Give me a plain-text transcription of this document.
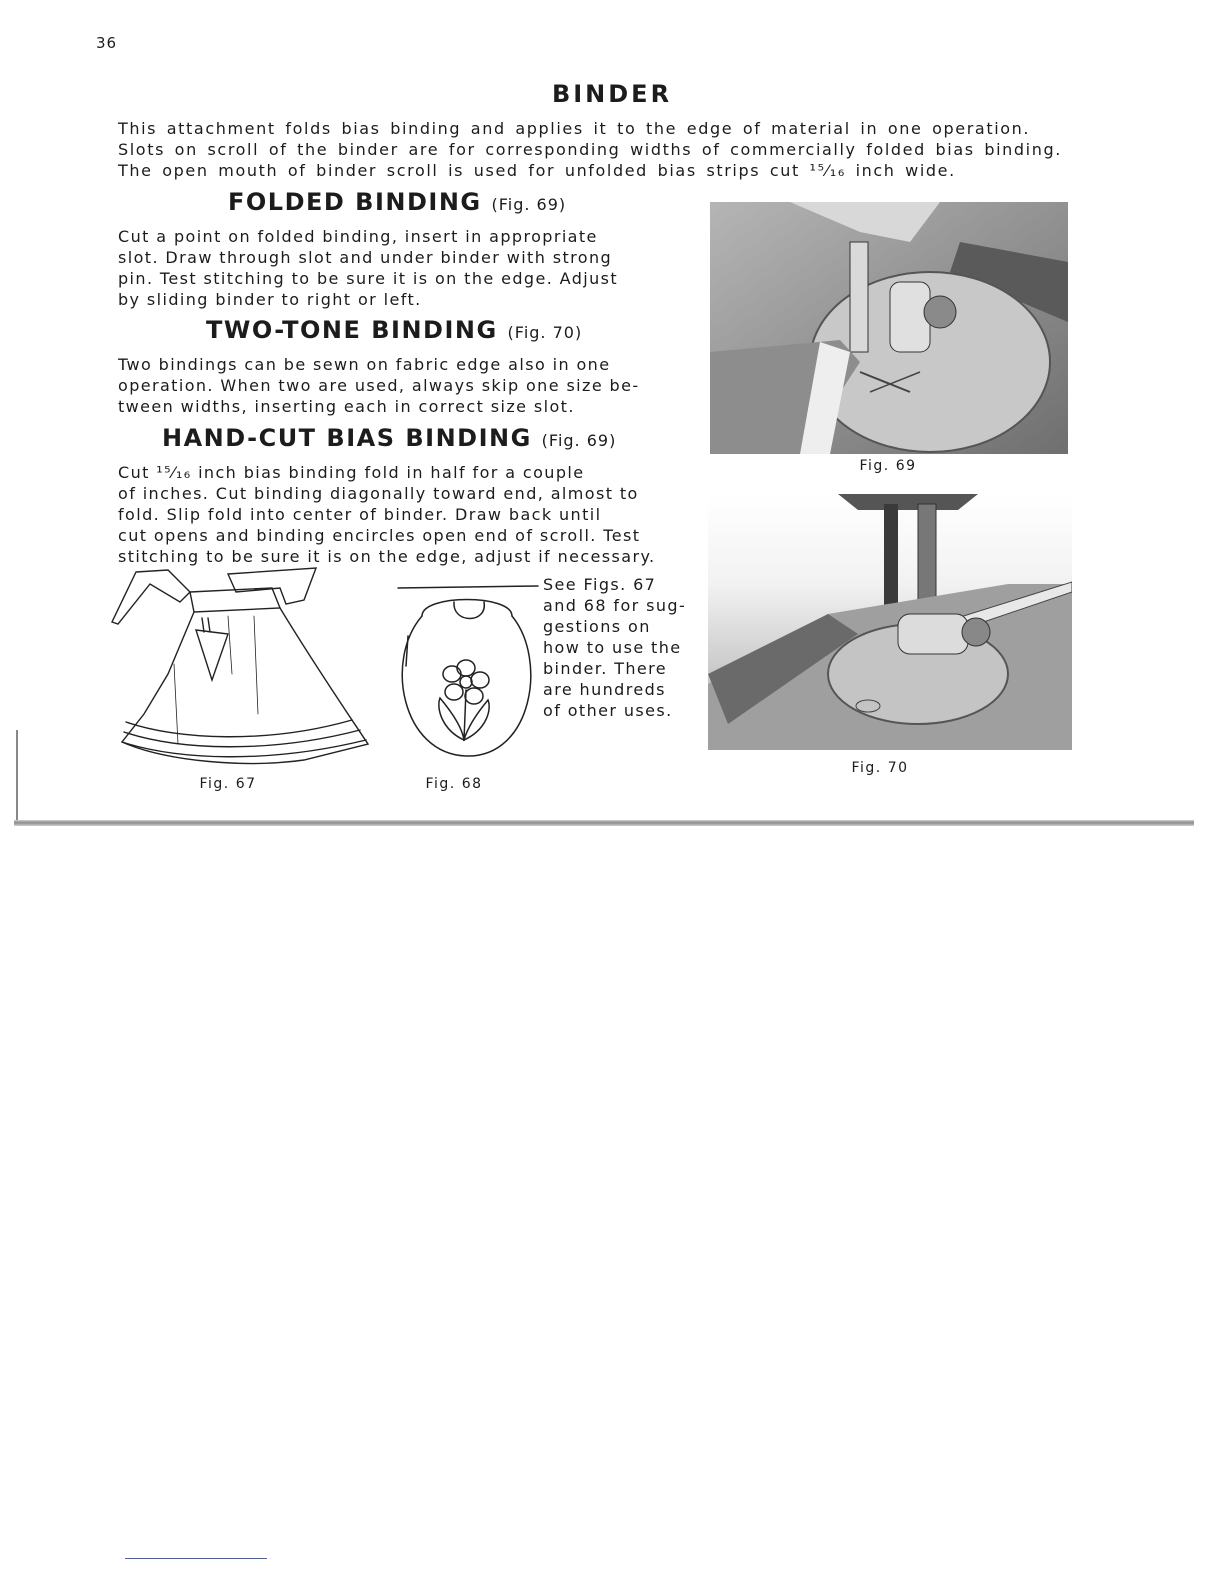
36
BINDER

This attachment folds bias binding and applies it to the edge of material in one operation.

Slots on scroll of the binder are for corresponding widths of commercially folded bias binding.

The open mouth of binder scroll is used for unfolded bias strips cut ¹⁵⁄₁₆ inch wide.

FOLDED BINDING (Fig. 69)

Cut a point on folded binding, insert in appropriate

slot. Draw through slot and under binder with strong

pin. Test stitching to be sure it is on the edge. Adjust

by sliding binder to right or left.

TWO-TONE BINDING (Fig. 70)

Two bindings can be sewn on fabric edge also in one

operation. When two are used, always skip one size be-

tween widths, inserting each in correct size slot.

HAND-CUT BIAS BINDING (Fig. 69)

Cut ¹⁵⁄₁₆ inch bias binding fold in half for a couple

of inches. Cut binding diagonally toward end, almost to

fold. Slip fold into center of binder. Draw back until

cut opens and binding encircles open end of scroll. Test

stitching to be sure it is on the edge, adjust if necessary.

Fig. 67	Fig. 68

See Figs. 67

and 68 for sug-

gestions on

how to use the

binder. There

are hundreds

of other uses.

Fig. 69
Fig. 70
